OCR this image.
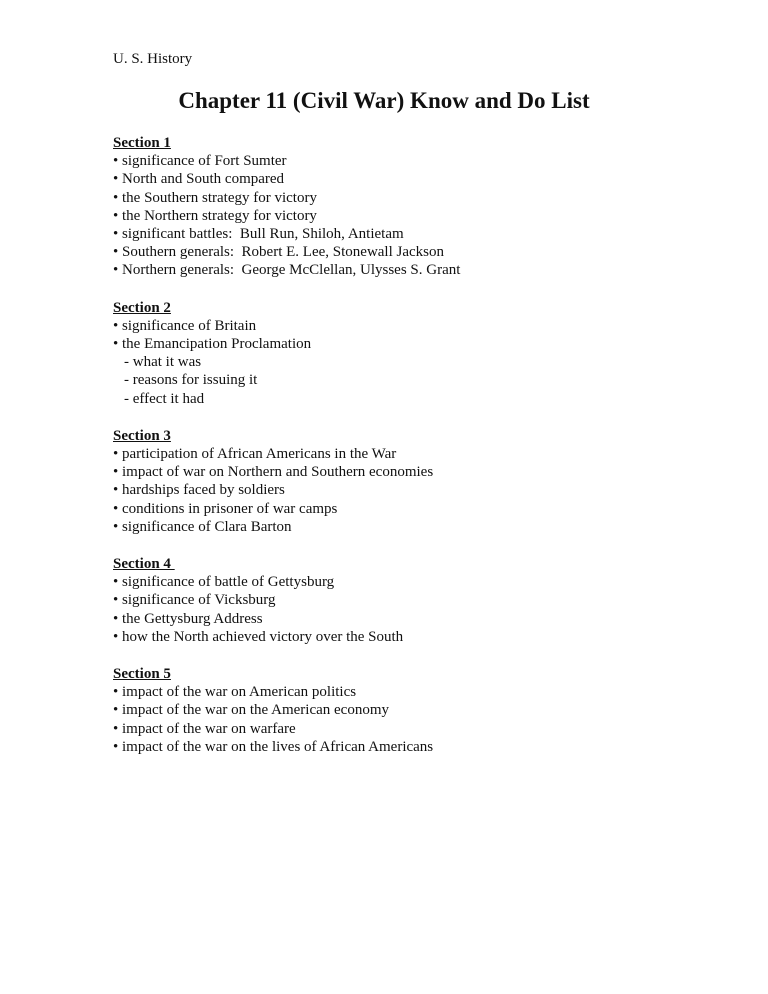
U. S. History

Chapter 11 (Civil War) Know and Do List

Section 1

• significance of Fort Sumter

• North and South compared

• the Southern strategy for victory

• the Northern strategy for victory

• significant battles:  Bull Run, Shiloh, Antietam

• Southern generals:  Robert E. Lee, Stonewall Jackson

• Northern generals:  George McClellan, Ulysses S. Grant

Section 2

• significance of Britain

• the Emancipation Proclamation

- what it was

- reasons for issuing it

- effect it had

Section 3

• participation of African Americans in the War

• impact of war on Northern and Southern economies

• hardships faced by soldiers

• conditions in prisoner of war camps

• significance of Clara Barton

Section 4

• significance of battle of Gettysburg

• significance of Vicksburg

• the Gettysburg Address

• how the North achieved victory over the South

Section 5

• impact of the war on American politics

• impact of the war on the American economy

• impact of the war on warfare

• impact of the war on the lives of African Americans
